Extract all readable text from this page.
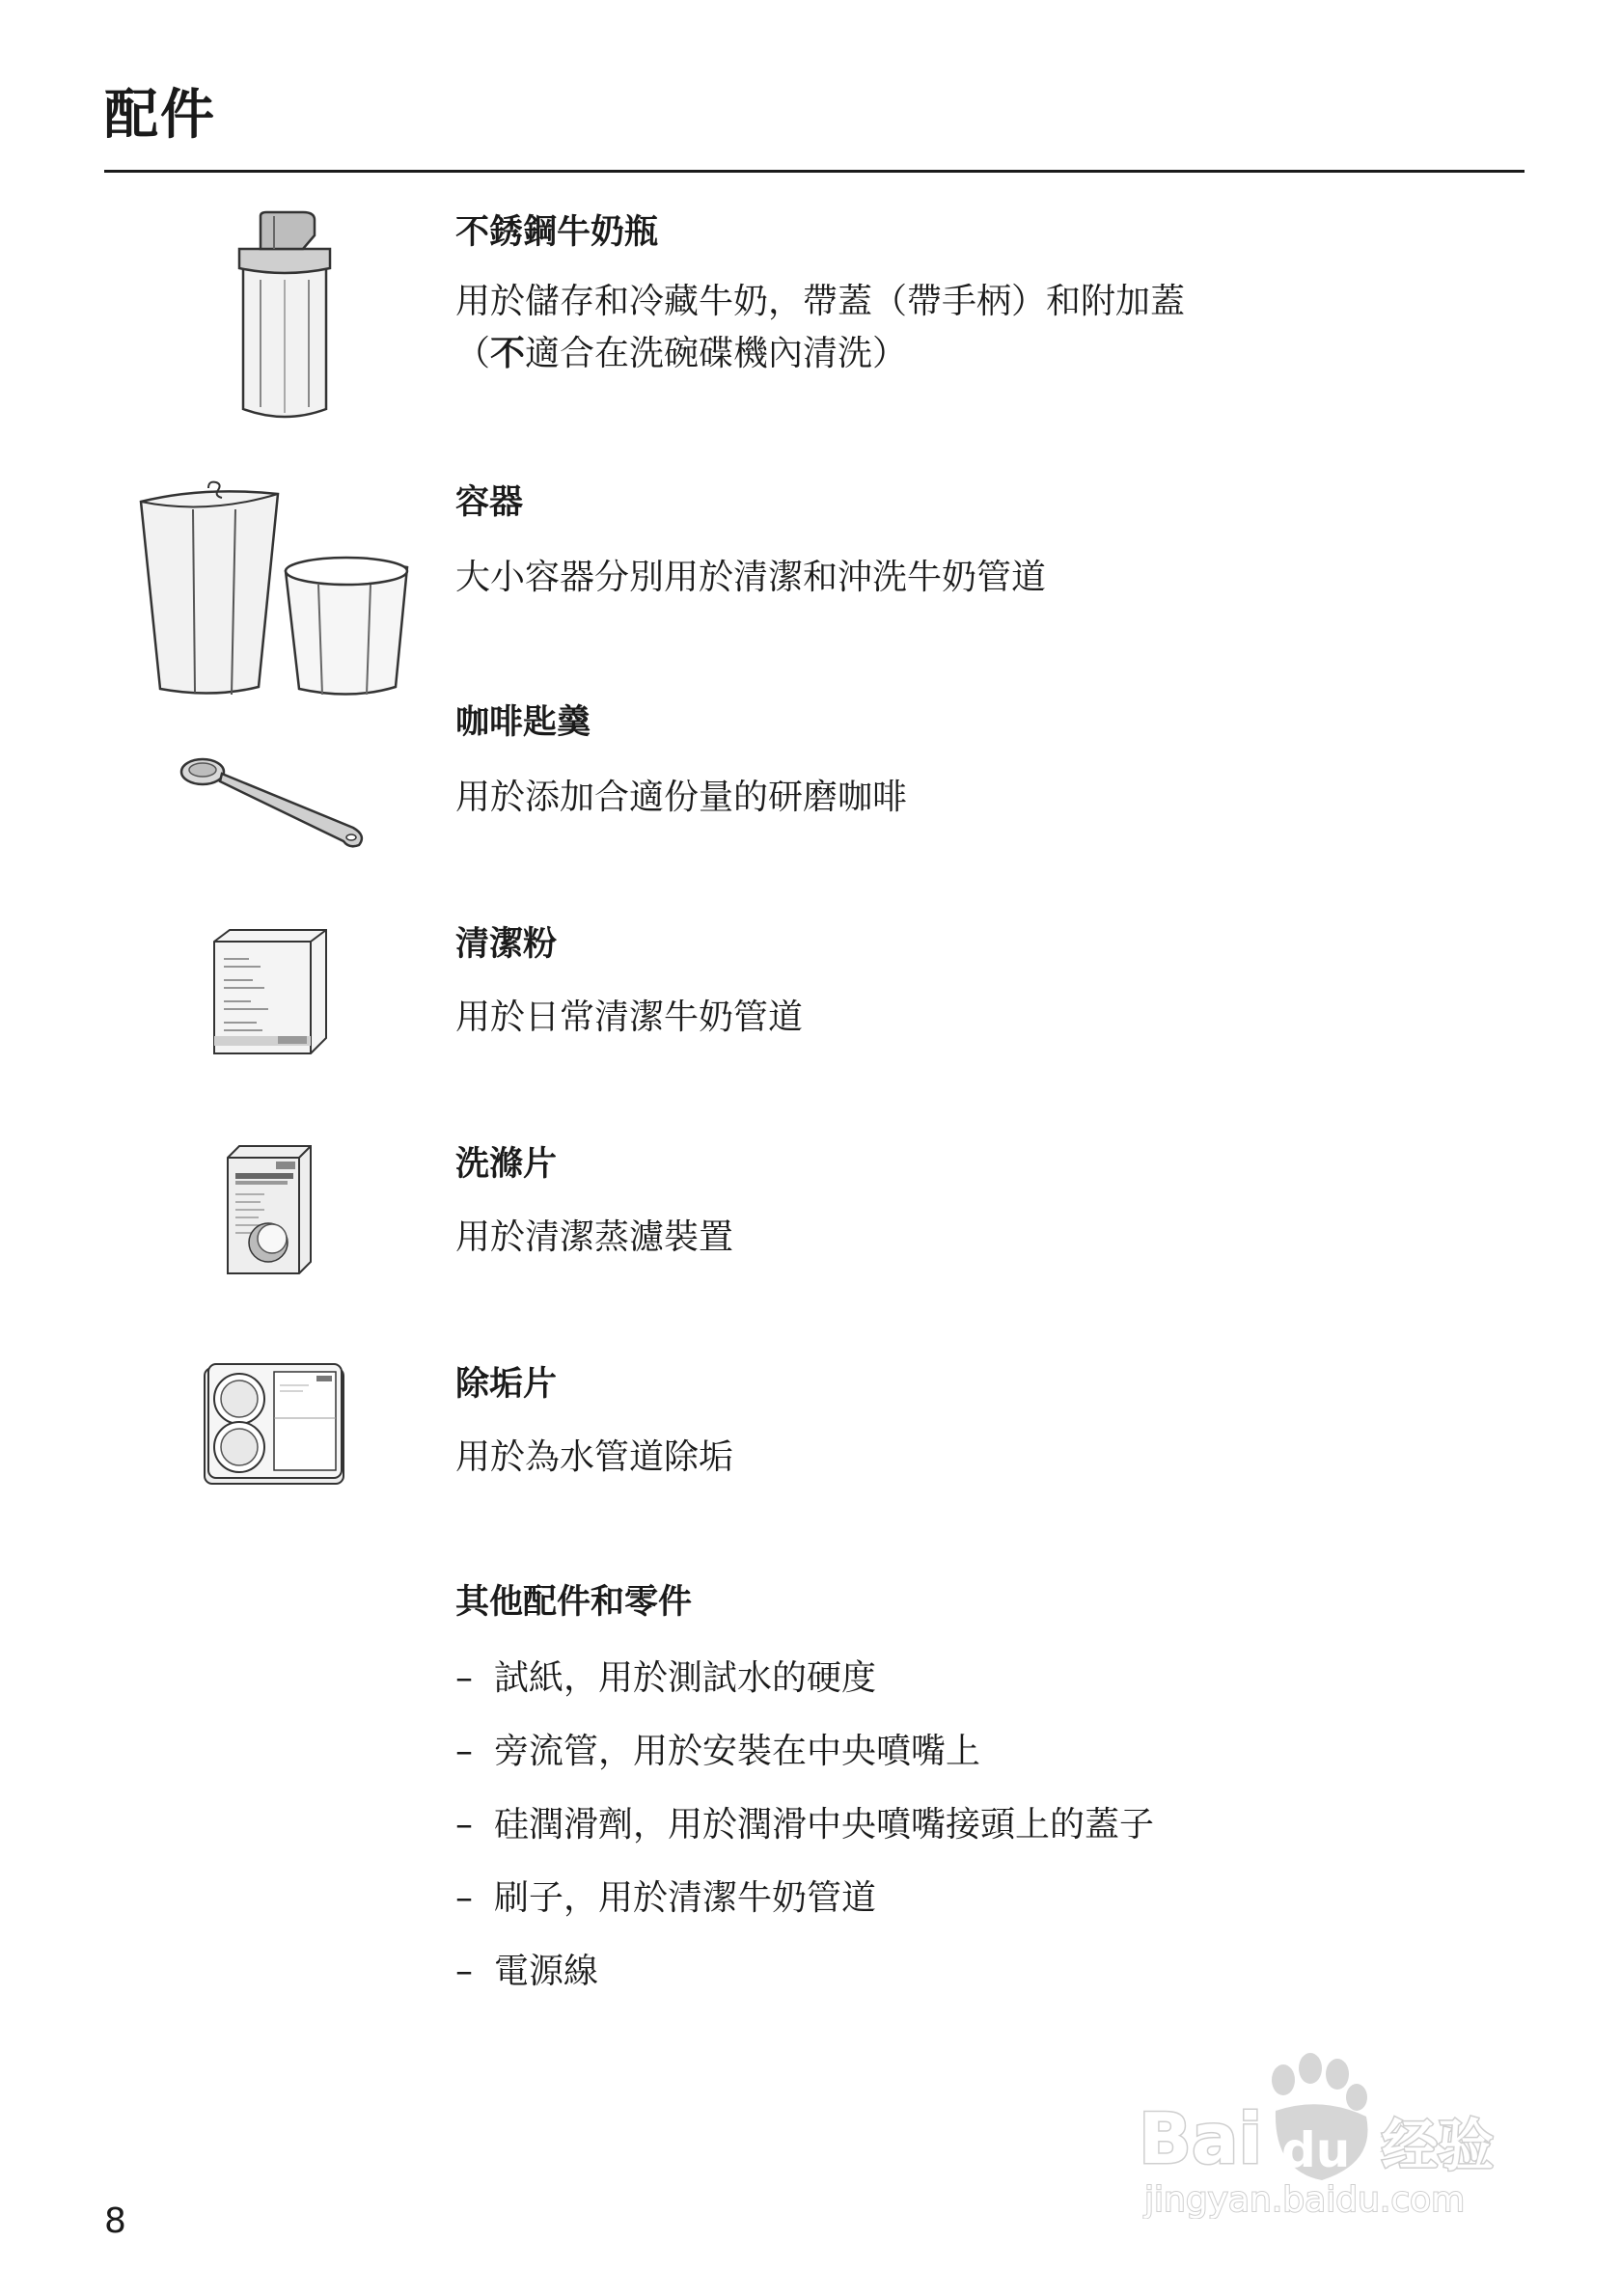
配件
不銹鋼牛奶瓶
用於儲存和冷藏牛奶，帶蓋（帶手柄）和附加蓋
（不適合在洗碗碟機內清洗）
容器
大小容器分別用於清潔和沖洗牛奶管道
咖啡匙羹
用於添加合適份量的研磨咖啡
清潔粉
用於日常清潔牛奶管道
洗滌片
用於清潔蒸濾裝置
除垢片
用於為水管道除垢
其他配件和零件
– 試紙，用於測試水的硬度
– 旁流管，用於安裝在中央噴嘴上
– 硅潤滑劑，用於潤滑中央噴嘴接頭上的蓋子
– 刷子，用於清潔牛奶管道
– 電源線
Bai du 经验
jingyan.baidu.com
8
